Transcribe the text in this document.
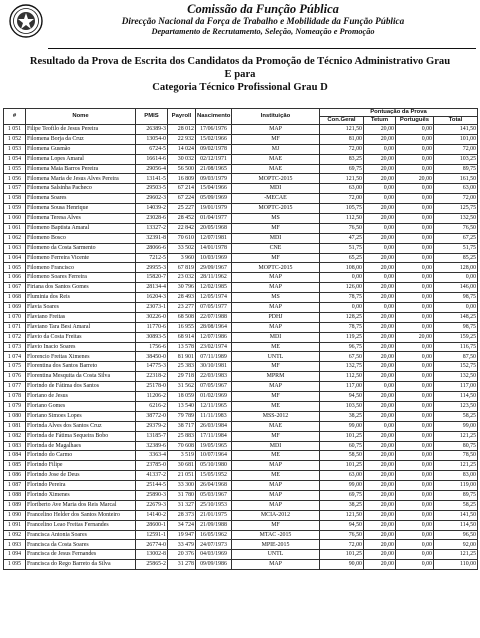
Comissão da Função Pública
Direcção Nacional da Força de Trabalho e Mobilidade da Função Pública
Departamento de Recrutamento, Seleção, Nomeação e Promoção
Resultado da Prova de Escrita dos Candidatos da Promoção de Técnico Administrativo Grau
E para
Categoria Técnico Profissional Grau D
#	Nome	PMIS	Payroll	Nascimento	Instituição	Pontuação da Prova			
						Con.Geral	Tetum	Português	Total
1 051	Filipe Teofilo de Jesus Pereira	26389-3	28 012	17/06/1976	MAP	121,50	20,00	0,00	141,50
1 052	Filomena Borja da Cruz	13054-0	22 932	15/02/1966	MF	81,00	20,00	0,00	101,00
1 053	Filomena Gusmão	6724-5	14 024	09/02/1978	MJ	72,00	0,00	0,00	72,00
1 054	Filomena Lopes Amaral	16614-6	30 032	02/12/1971	MAE	83,25	20,00	0,00	103,25
1 055	Filomena Maia Barros Pereira	29056-4	56 500	21/08/1965	MAE	69,75	20,00	0,00	89,75
1 056	Filomena Maria de Jesus Alves Pereira	13141-5	16 809	09/03/1979	MOPTC-2015	121,50	20,00	20,00	161,50
1 057	Filomena Salsinha Pacheco	29503-5	67 214	15/04/1966	MDI	63,00	0,00	0,00	63,00
1 058	Filomena Soares	29602-3	67 224	05/09/1969	-MECAE	72,00	0,00	0,00	72,00
1 059	Filomena Sousa Henrique	14039-2	25 227	19/01/1979	MOPTC-2015	105,75	20,00	0,00	125,75
1 060	Filomena Teresa Alves	23028-6	28 452	01/04/1977	MS	112,50	20,00	0,00	132,50
1 061	Filomeno Baptista Amaral	13327-2	22 842	20/05/1968	MF	76,50	0,00	0,00	76,50
1 062	Filomeno Bosco	32391-8	70 610	12/07/1981	MDI	47,25	20,00	0,00	67,25
1 063	Filomeno da Costa Sarmento	28066-6	33 502	14/01/1978	CNE	51,75	0,00	0,00	51,75
1 064	Filomeno Ferreira Vicente	7212-5	3 960	10/03/1969	MF	65,25	20,00	0,00	85,25
1 065	Filomeno Francisco	29955-3	67 819	29/09/1967	MOPTC-2015	108,00	20,00	0,00	128,00
1 066	Filomeno Soares Ferreira	15820-7	23 032	28/11/1962	MAP	0,00	0,00	0,00	0,00
1 067	Firiana dos Santos Gomes	28134-4	30 796	12/02/1985	MAP	126,00	20,00	0,00	146,00
1 068	Fluminia dos Reis	16204-3	28 493	12/05/1974	MS	78,75	20,00	0,00	98,75
1 069	Flavia Soares	23073-1	23 277	07/05/1977	MAP	0,00	0,00	0,00	0,00
1 070	Flaviano Freitas	30226-0	68 508	22/07/1988	PDHJ	128,25	20,00	0,00	148,25
1 071	Flaviano Tara Besi Amaral	11770-6	16 955	28/08/1964	MAP	78,75	20,00	0,00	98,75
1 072	Flavio da Costa Freitas	30893-5	68 914	12/07/1986	MDI	119,25	20,00	20,00	159,25
1 073	Flavio Inacio Soares	1756-6	13 578	23/02/1974	ME	96,75	20,00	0,00	116,75
1 074	Florencio Freitas Ximenes	38450-0	81 901	07/11/1989	UNTL	67,50	20,00	0,00	87,50
1 075	Florentina dos Santos Barreto	14775-3	25 383	30/10/1981	MF	132,75	20,00	0,00	152,75
1 076	Florentina Mesquita da Costa Silva	22318-2	29 718	22/03/1983	MPRM	112,50	20,00	0,00	132,50
1 077	Florindo de Fátima dos Santos	25178-0	31 562	07/05/1967	MAP	117,00	0,00	0,00	117,00
1 078	Floriano de Jesus	11206-2	18 059	01/02/1969	MF	94,50	20,00	0,00	114,50
1 079	Floriano Gomes	6216-2	13 540	12/11/1965	ME	103,50	20,00	0,00	123,50
1 080	Floriano Simoes Lopes	38772-0	79 789	11/11/1983	MSS-2012	38,25	20,00	0,00	58,25
1 081	Florinda Alves dos Santos Cruz	29379-2	38 717	26/03/1984	MAE	99,00	0,00	0,00	99,00
1 082	Florinda de Fátima Sequeira Bobo	13185-7	25 883	17/11/1984	MF	101,25	20,00	0,00	121,25
1 083	Florinda de Magalhaes	32389-6	70 608	19/05/1965	MDI	60,75	20,00	0,00	80,75
1 084	Florindo do Carmo	3363-4	3 519	10/07/1964	ME	58,50	20,00	0,00	78,50
1 085	Florindo Filipe	23785-0	30 681	05/10/1980	MAP	101,25	20,00	0,00	121,25
1 086	Florindo Jose de Deus	41337-2	21 051	15/05/1952	ME	63,00	20,00	0,00	83,00
1 087	Florindo Pereira	25144-5	33 300	26/04/1968	MAP	99,00	20,00	0,00	119,00
1 088	Florindo Ximenes	25890-3	31 780	05/03/1967	MAP	69,75	20,00	0,00	89,75
1 089	Floriberto Ave Maria dos Reis Marcal	22679-3	31 327	25/10/1953	MAP	38,25	20,00	0,00	58,25
1 090	Francelino Helder dos Santos Monteiro	14140-2	28 373	21/01/1975	MCIA-2012	121,50	20,00	0,00	141,50
1 091	Francelino Leao Freitas Fernandes	28600-1	34 724	21/09/1988	MF	94,50	20,00	0,00	114,50
1 092	Francisca Antonia Soares	12591-1	19 947	16/05/1962	MTAC -2015	76,50	20,00	0,00	96,50
1 093	Francisca da Costa Soares	26774-0	33 479	24/07/1973	MPIE-2015	72,00	20,00	0,00	92,00
1 094	Francisca de Jesus Fernandes	13002-8	20 376	04/03/1969	UNTL	101,25	20,00	0,00	121,25
1 095	Francisca do Rego Barreto da Silva	25865-2	31 278	09/09/1986	MAP	90,00	20,00	0,00	110,00
